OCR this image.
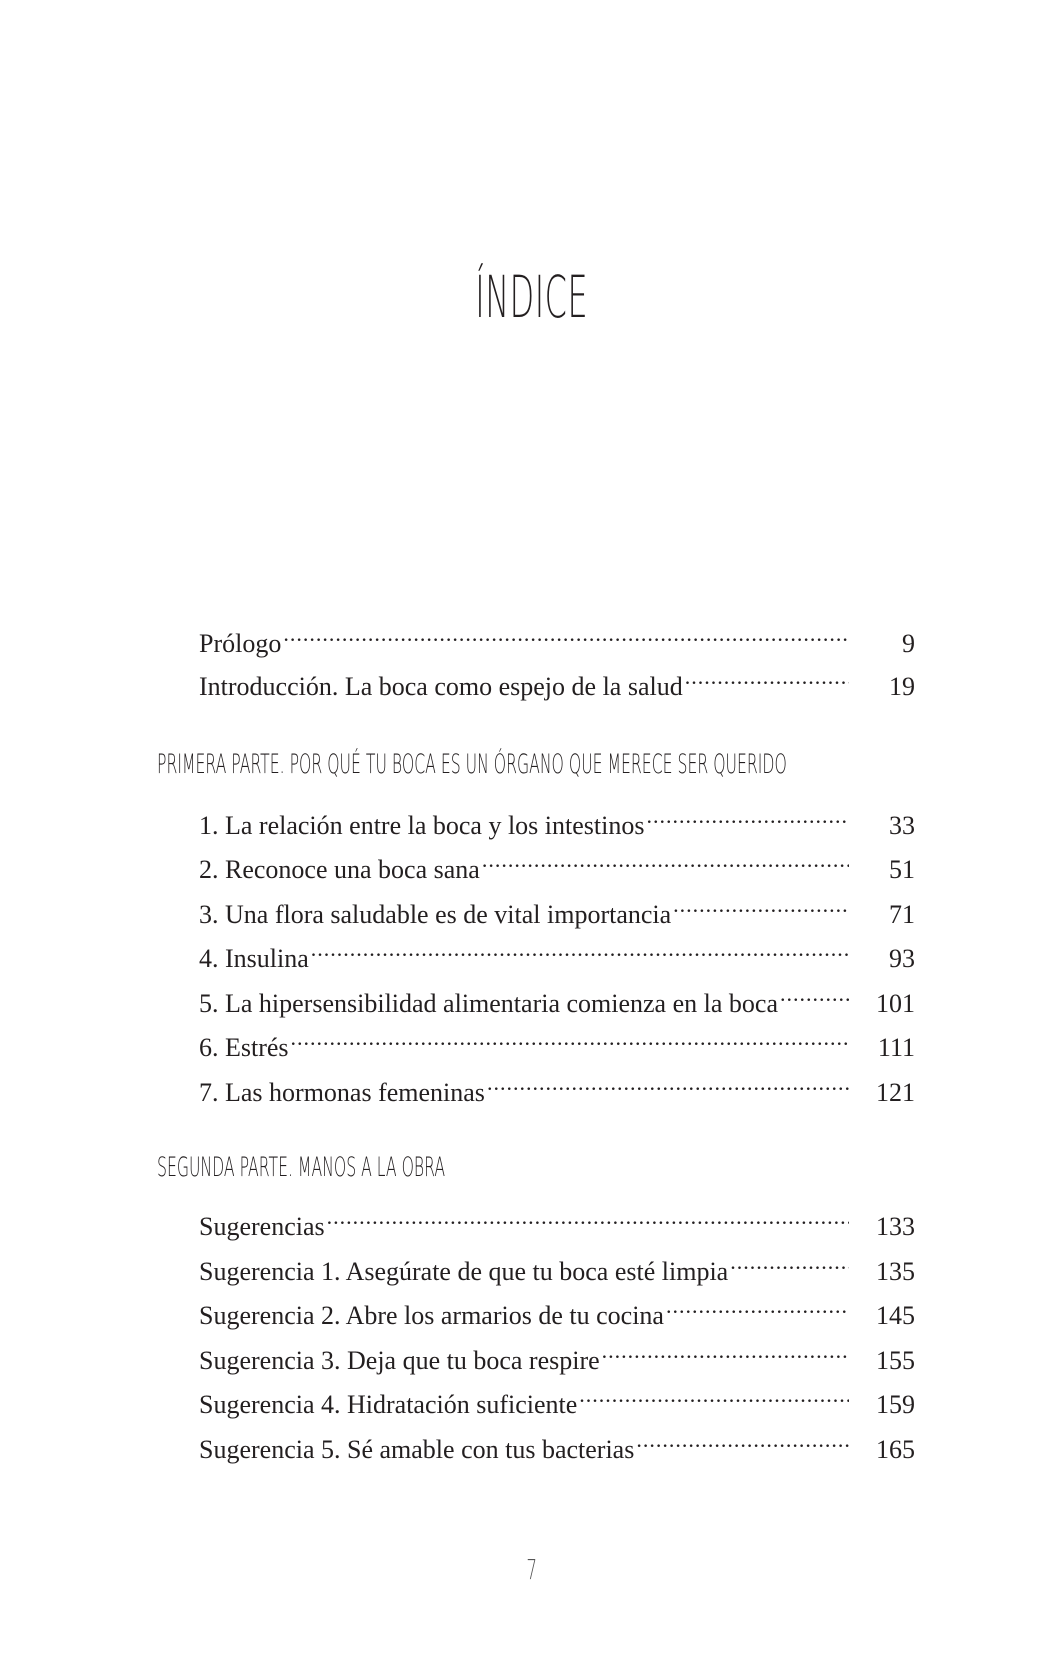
ÍNDICE
Prólogo .....	9
Introducción. La boca como espejo de la salud .....	19
PRIMERA PARTE. POR QUÉ TU BOCA ES UN ÓRGANO QUE MERECE SER QUERIDO
1. La relación entre la boca y los intestinos .....	33
2. Reconoce una boca sana .....	51
3. Una flora saludable es de vital importancia .....	71
4. Insulina .....	93
5. La hipersensibilidad alimentaria comienza en la boca .....	101
6. Estrés .....	111
7. Las hormonas femeninas .....	121
SEGUNDA PARTE. MANOS A LA OBRA
Sugerencias .....	133
Sugerencia 1. Asegúrate de que tu boca esté limpia .....	135
Sugerencia 2. Abre los armarios de tu cocina .....	145
Sugerencia 3. Deja que tu boca respire .....	155
Sugerencia 4. Hidratación suficiente .....	159
Sugerencia 5. Sé amable con tus bacterias .....	165
7
